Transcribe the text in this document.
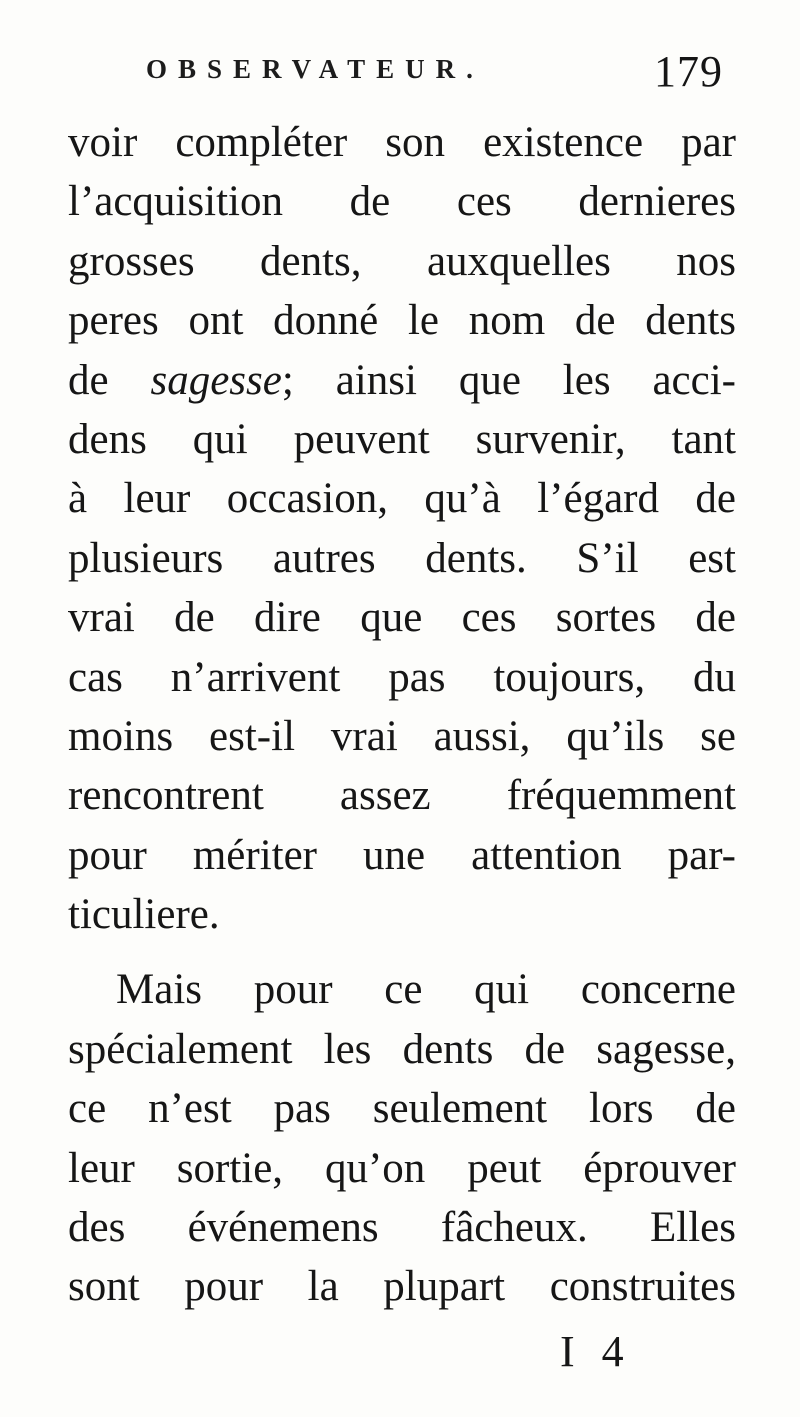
OBSERVATEUR.	179
voir compléter son existence par
l’acquisition de ces dernieres
grosses dents, auxquelles nos
peres ont donné le nom de dents
de sagesse; ainsi que les acci-
dens qui peuvent survenir, tant
à leur occasion, qu’à l’égard de
plusieurs autres dents. S’il est
vrai de dire que ces sortes de
cas n’arrivent pas toujours, du
moins est-il vrai aussi, qu’ils se
rencontrent assez fréquemment
pour mériter une attention par-
ticuliere.
Mais pour ce qui concerne
spécialement les dents de sagesse,
ce n’est pas seulement lors de
leur sortie, qu’on peut éprouver
des événemens fâcheux. Elles
sont pour la plupart construites
I 4
